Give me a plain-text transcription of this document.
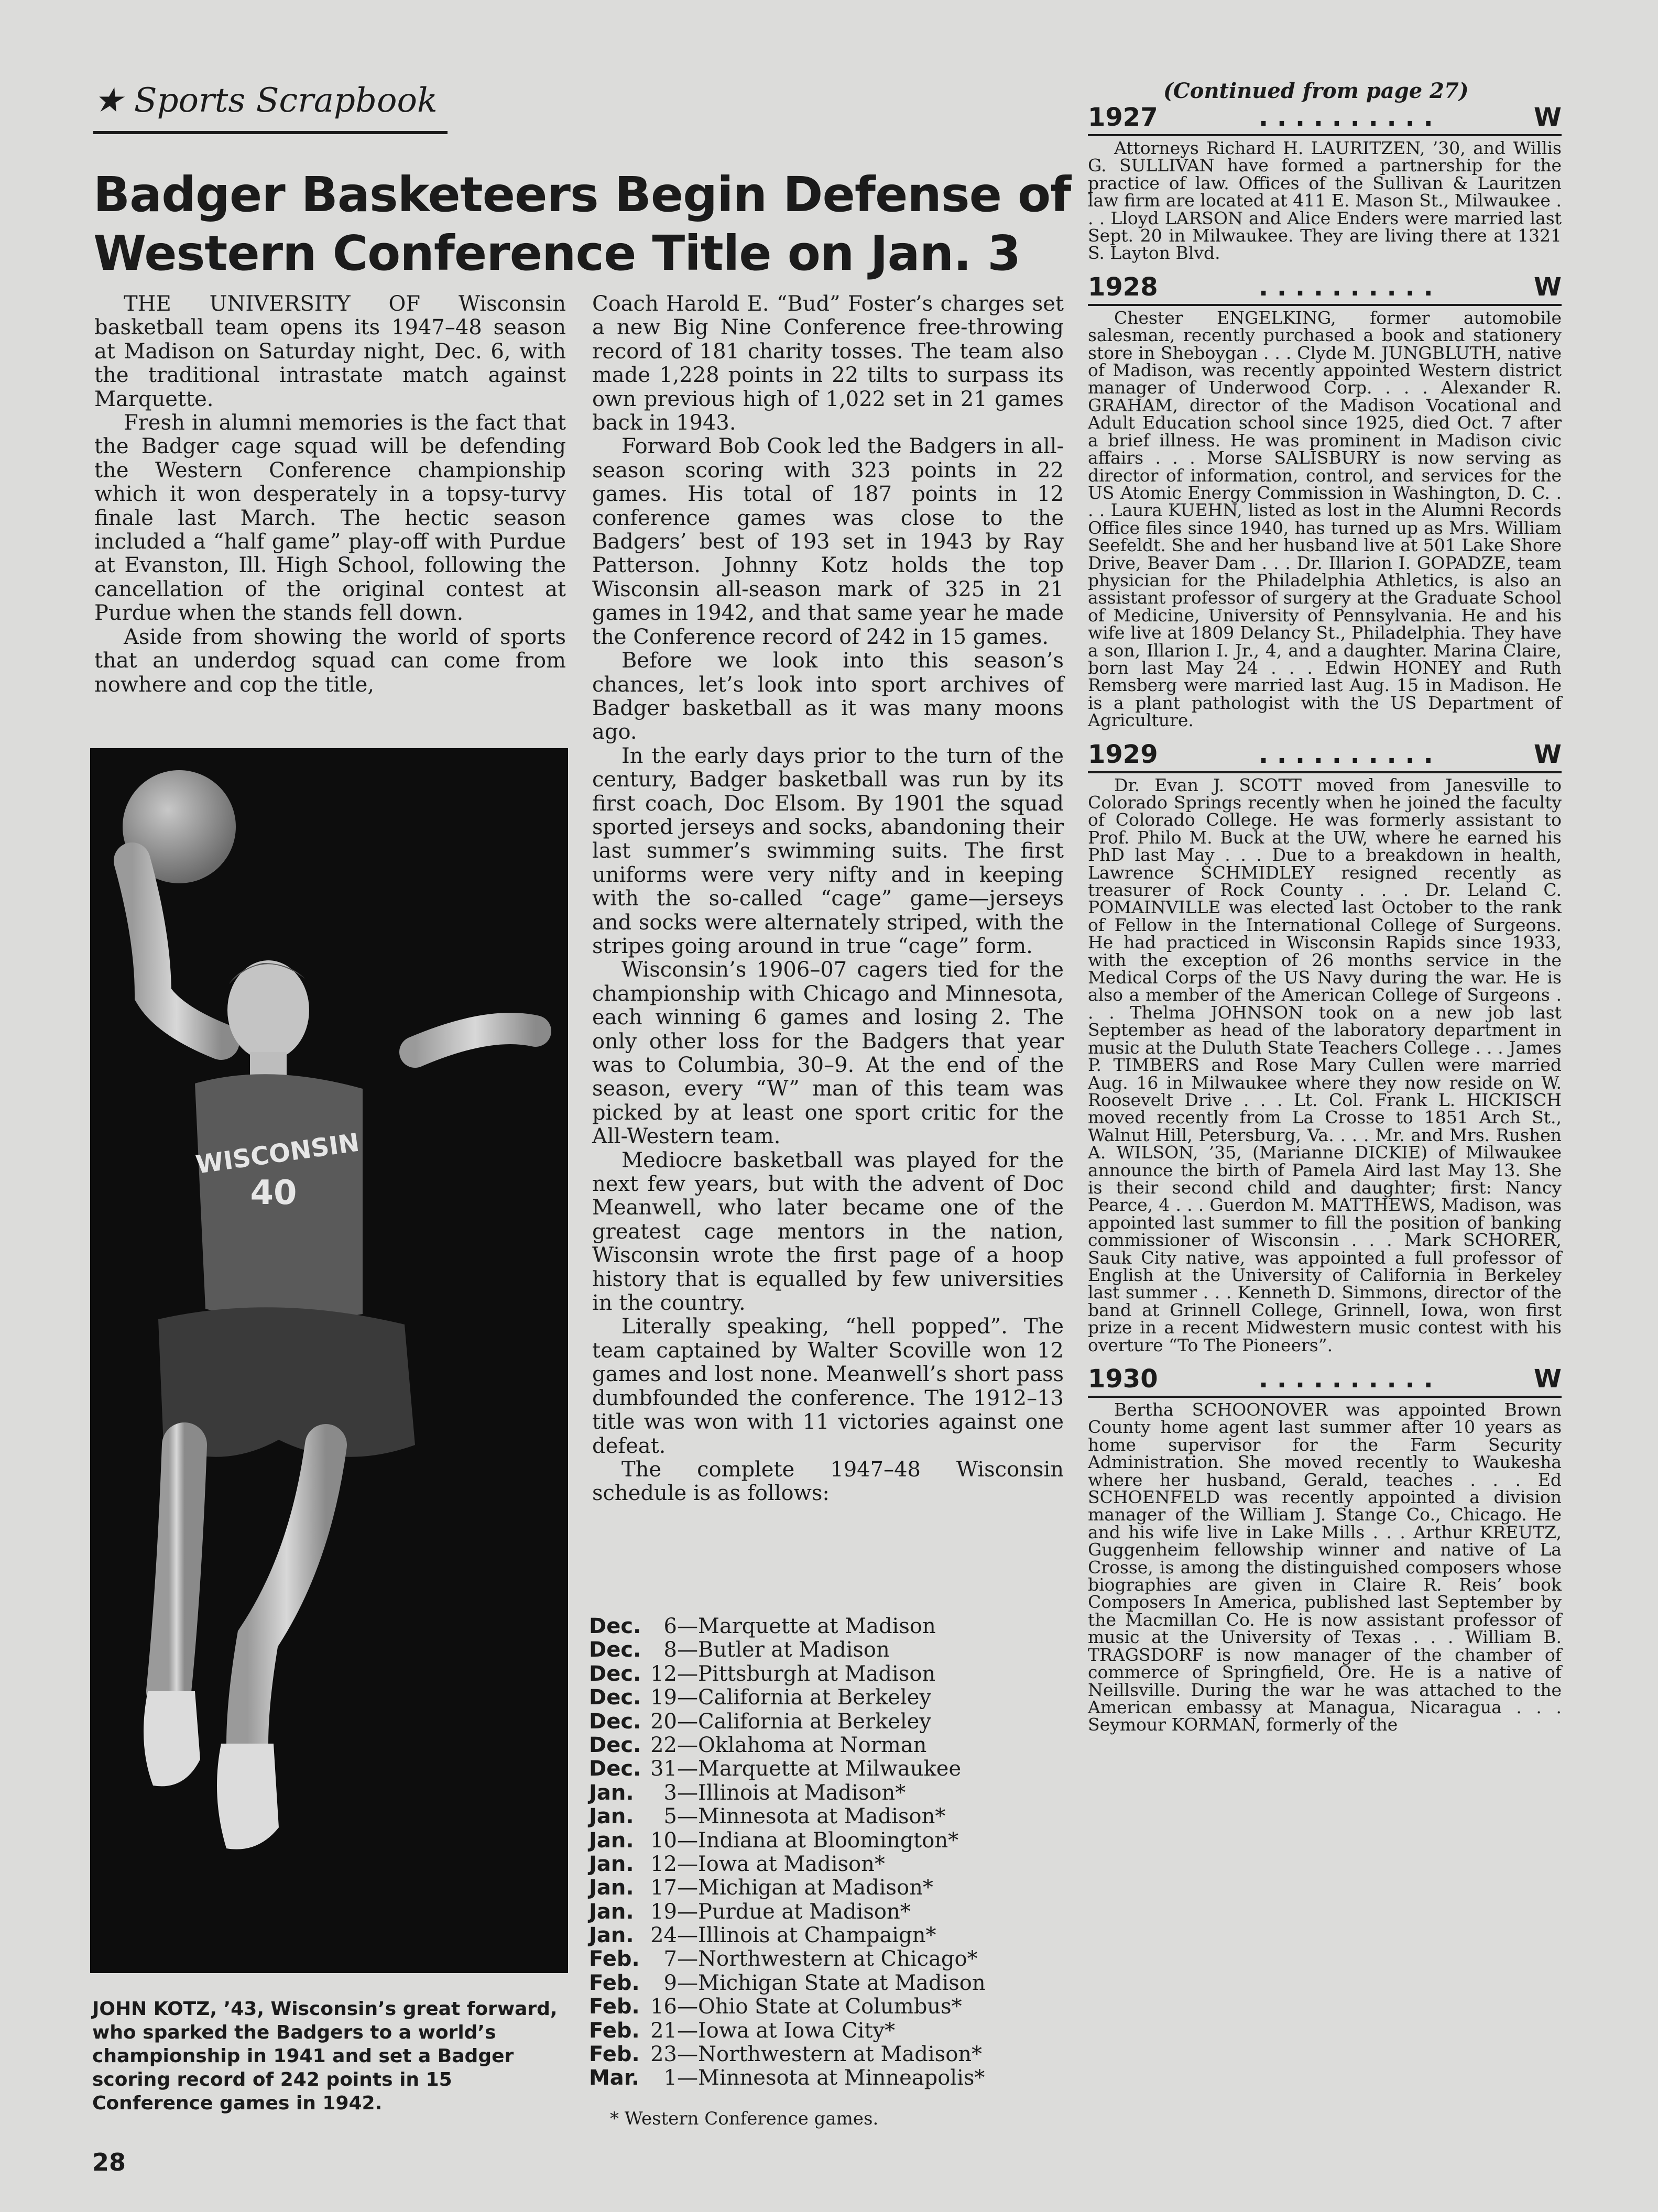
★ Sports Scrapbook	(Continued from page 27)
Badger Basketeers Begin Defense of
Western Conference Title on Jan. 3

THE UNIVERSITY OF Wisconsin basketball team opens its 1947–48 season at Madison on Saturday night, Dec. 6, with the traditional intrastate match against Marquette.

Fresh in alumni memories is the fact that the Badger cage squad will be defending the Western Conference championship which it won desperately in a topsy-turvy finale last March. The hectic season included a “half game” play-off with Purdue at Evanston, Ill. High School, following the cancellation of the original contest at Purdue when the stands fell down.

Aside from showing the world of sports that an underdog squad can come from nowhere and cop the title,

WISCONSIN
40
JOHN KOTZ, ’43, Wisconsin’s great forward, who sparked the Badgers to a world’s championship in 1941 and set a Badger scoring record of 242 points in 15 Conference games in 1942.

Coach Harold E. “Bud” Foster’s charges set a new Big Nine Conference free-throwing record of 181 charity tosses. The team also made 1,228 points in 22 tilts to surpass its own previous high of 1,022 set in 21 games back in 1943.

Forward Bob Cook led the Badgers in all-season scoring with 323 points in 22 games. His total of 187 points in 12 conference games was close to the Badgers’ best of 193 set in 1943 by Ray Patterson. Johnny Kotz holds the top Wisconsin all-season mark of 325 in 21 games in 1942, and that same year he made the Conference record of 242 in 15 games.

Before we look into this season’s chances, let’s look into sport archives of Badger basketball as it was many moons ago.

In the early days prior to the turn of the century, Badger basketball was run by its first coach, Doc Elsom. By 1901 the squad sported jerseys and socks, abandoning their last summer’s swimming suits. The first uniforms were very nifty and in keeping with the so-called “cage” game—jerseys and socks were alternately striped, with the stripes going around in true “cage” form.

Wisconsin’s 1906–07 cagers tied for the championship with Chicago and Minnesota, each winning 6 games and losing 2. The only other loss for the Badgers that year was to Columbia, 30–9. At the end of the season, every “W” man of this team was picked by at least one sport critic for the All-Western team.

Mediocre basketball was played for the next few years, but with the advent of Doc Meanwell, who later became one of the greatest cage mentors in the nation, Wisconsin wrote the first page of a hoop history that is equalled by few universities in the country.

Literally speaking, “hell popped”. The team captained by Walter Scoville won 12 games and lost none. Meanwell’s short pass dumbfounded the conference. The 1912–13 title was won with 11 victories against one defeat.

The complete 1947–48 Wisconsin schedule is as follows:

Dec.	6 — Marquette at Madison
Dec.	8 — Butler at Madison
Dec. 12 — Pittsburgh at Madison
Dec. 19 — California at Berkeley
Dec. 20 — California at Berkeley
Dec. 22 — Oklahoma at Norman
Dec. 31 — Marquette at Milwaukee
Jan.	3 — Illinois at Madison*
Jan.	5 — Minnesota at Madison*
Jan. 10 — Indiana at Bloomington*
Jan. 12 — Iowa at Madison*
Jan. 17 — Michigan at Madison*
Jan. 19 — Purdue at Madison*
Jan. 24 — Illinois at Champaign*
Feb.	7 — Northwestern at Chicago*
Feb.	9 — Michigan State at Madison
Feb. 16 — Ohio State at Columbus*
Feb. 21 — Iowa at Iowa City*
Feb. 23 — Northwestern at Madison*
Mar.	1 — Minnesota at Minneapolis*
* Western Conference games.
28
1927	. . . . . . . . . .	W

Attorneys Richard H. LAURITZEN, ’30, and Willis G. SULLIVAN have formed a partnership for the practice of law. Offices of the Sullivan & Lauritzen law firm are located at 411 E. Mason St., Milwaukee . . . Lloyd LARSON and Alice Enders were married last Sept. 20 in Milwaukee. They are living there at 1321 S. Layton Blvd.

1928	. . . . . . . . . .	W

Chester ENGELKING, former automobile salesman, recently purchased a book and stationery store in Sheboygan . . . Clyde M. JUNGBLUTH, native of Madison, was recently appointed Western district manager of Underwood Corp. . . . Alexander R. GRAHAM, director of the Madison Vocational and Adult Education school since 1925, died Oct. 7 after a brief illness. He was prominent in Madison civic affairs . . . Morse SALISBURY is now serving as director of information, control, and services for the US Atomic Energy Commission in Washington, D. C. . . . Laura KUEHN, listed as lost in the Alumni Records Office files since 1940, has turned up as Mrs. William Seefeldt. She and her husband live at 501 Lake Shore Drive, Beaver Dam . . . Dr. Illarion I. GOPADZE, team physician for the Philadelphia Athletics, is also an assistant professor of surgery at the Graduate School of Medicine, University of Pennsylvania. He and his wife live at 1809 Delancy St., Philadelphia. They have a son, Illarion I. Jr., 4, and a daughter. Marina Claire, born last May 24 . . . Edwin HONEY and Ruth Remsberg were married last Aug. 15 in Madison. He is a plant pathologist with the US Department of Agriculture.

1929	. . . . . . . . . .	W

Dr. Evan J. SCOTT moved from Janesville to Colorado Springs recently when he joined the faculty of Colorado College. He was formerly assistant to Prof. Philo M. Buck at the UW, where he earned his PhD last May . . . Due to a breakdown in health, Lawrence SCHMIDLEY resigned recently as treasurer of Rock County . . . Dr. Leland C. POMAINVILLE was elected last October to the rank of Fellow in the International College of Surgeons. He had practiced in Wisconsin Rapids since 1933, with the exception of 26 months service in the Medical Corps of the US Navy during the war. He is also a member of the American College of Surgeons . . . Thelma JOHNSON took on a new job last September as head of the laboratory department in music at the Duluth State Teachers College . . . James P. TIMBERS and Rose Mary Cullen were married Aug. 16 in Milwaukee where they now reside on W. Roosevelt Drive . . . Lt. Col. Frank L. HICKISCH moved recently from La Crosse to 1851 Arch St., Walnut Hill, Petersburg, Va. . . . Mr. and Mrs. Rushen A. WILSON, ’35, (Marianne DICKIE) of Milwaukee announce the birth of Pamela Aird last May 13. She is their second child and daughter; first: Nancy Pearce, 4 . . . Guerdon M. MATTHEWS, Madison, was appointed last summer to fill the position of banking commissioner of Wisconsin . . . Mark SCHORER, Sauk City native, was appointed a full professor of English at the University of California in Berkeley last summer . . . Kenneth D. Simmons, director of the band at Grinnell College, Grinnell, Iowa, won first prize in a recent Midwestern music contest with his overture “To The Pioneers”.

1930	. . . . . . . . . .	W

Bertha SCHOONOVER was appointed Brown County home agent last summer after 10 years as home supervisor for the Farm Security Administration. She moved recently to Waukesha where her husband, Gerald, teaches . . . Ed SCHOENFELD was recently appointed a division manager of the William J. Stange Co., Chicago. He and his wife live in Lake Mills . . . Arthur KREUTZ, Guggenheim fellowship winner and native of La Crosse, is among the distinguished composers whose biographies are given in Claire R. Reis’ book Composers In America, published last September by the Macmillan Co. He is now assistant professor of music at the University of Texas . . . William B. TRAGSDORF is now manager of the chamber of commerce of Springfield, Ore. He is a native of Neillsville. During the war he was attached to the American embassy at Managua, Nicaragua . . . Seymour KORMAN, formerly of the
